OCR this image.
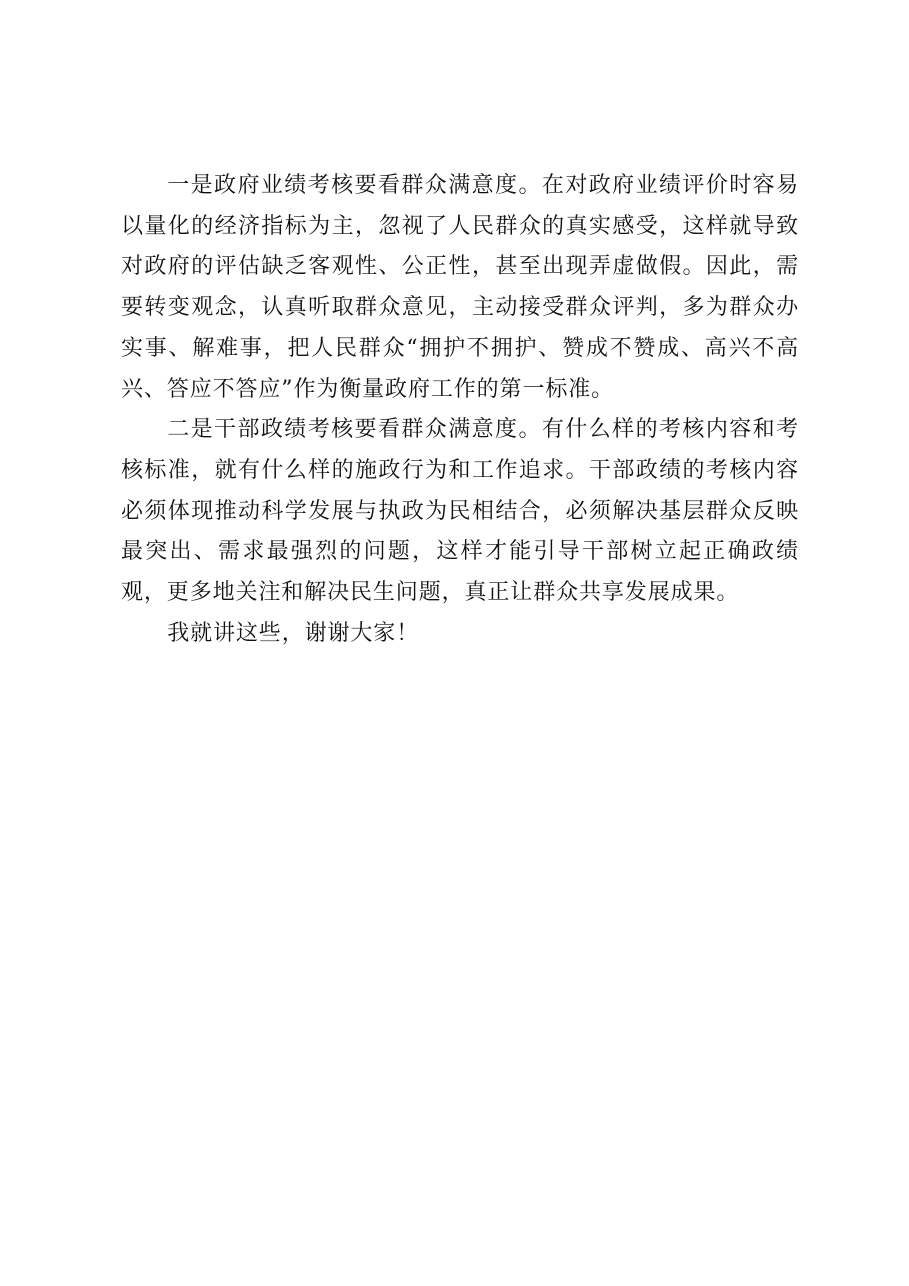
一是政府业绩考核要看群众满意度。在对政府业绩评价时容易以量化的经济指标为主，忽视了人民群众的真实感受，这样就导致对政府的评估缺乏客观性、公正性，甚至出现弄虚做假。因此，需要转变观念，认真听取群众意见，主动接受群众评判，多为群众办实事、解难事，把人民群众“拥护不拥护、赞成不赞成、高兴不高兴、答应不答应”作为衡量政府工作的第一标准。

二是干部政绩考核要看群众满意度。有什么样的考核内容和考核标准，就有什么样的施政行为和工作追求。干部政绩的考核内容必须体现推动科学发展与执政为民相结合，必须解决基层群众反映最突出、需求最强烈的问题，这样才能引导干部树立起正确政绩观，更多地关注和解决民生问题，真正让群众共享发展成果。

我就讲这些，谢谢大家！
